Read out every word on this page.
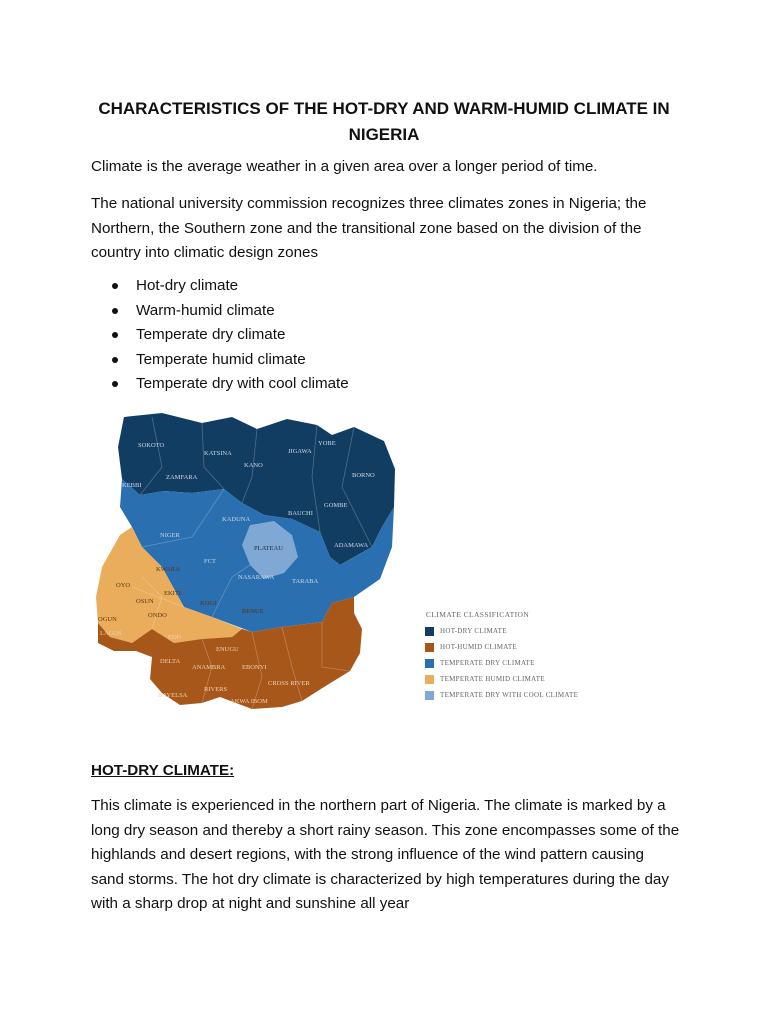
CHARACTERISTICS OF THE HOT-DRY AND WARM-HUMID CLIMATE IN NIGERIA

Climate is the average weather in a given area over a longer period of time.

The national university commission recognizes three climates zones in Nigeria; the Northern, the Southern zone and the transitional zone based on the division of the country into climatic design zones

Hot-dry climate
Warm-humid climate
Temperate dry climate
Temperate humid climate
Temperate dry with cool climate
SOKOTO
KATSINA
KANO
JIGAWA
YOBE
BORNO
ZAMFARA
KEBBI
KADUNA
BAUCHI
GOMBE
NIGER
ADAMAWA
FCT
NASARAWA
TARABA
PLATEAU
KWARA
OYO
OSUN
EKITI
KOGI
BENUE
OGUN
ONDO
LAGOS
EDO
ENUGU
DELTA
ANAMBRA	EBONYI
CROSS RIVER
BAYELSA
RIVERS
AKWA IBOM
CLIMATE CLASSIFICATION
HOT-DRY CLIMATE
HOT-HUMID CLIMATE
TEMPERATE DRY CLIMATE
TEMPERATE HUMID CLIMATE
TEMPERATE DRY WITH COOL CLIMATE
HOT-DRY CLIMATE:

This climate is experienced in the northern part of Nigeria. The climate is marked by a long dry season and thereby a short rainy season. This zone encompasses some of the highlands and desert regions, with the strong influence of the wind pattern causing sand storms. The hot dry climate is characterized by high temperatures during the day with a sharp drop at night and sunshine all year
